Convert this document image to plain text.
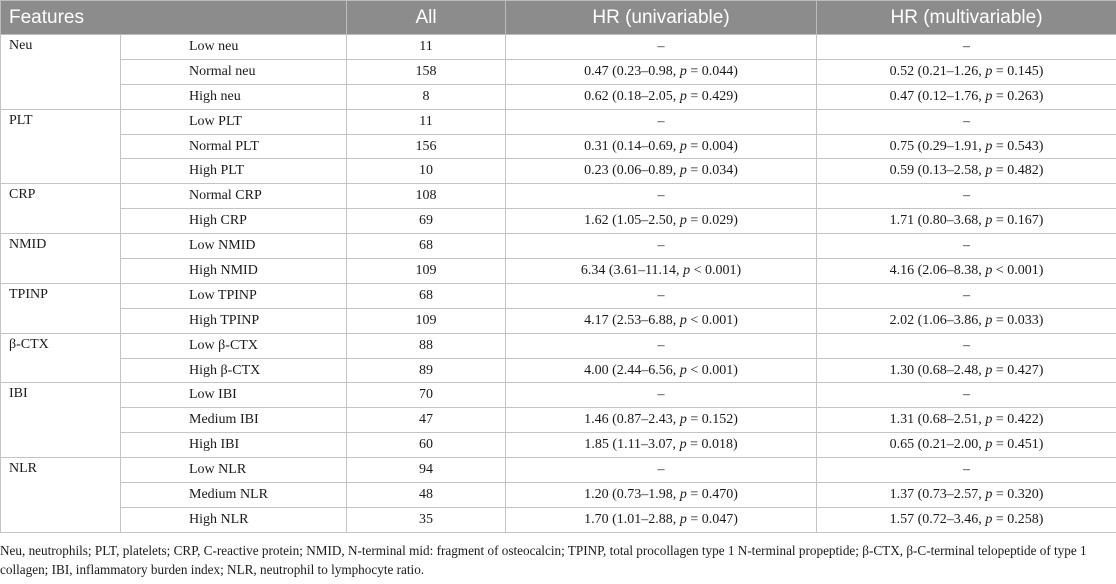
Features		All	HR (univariable)	HR (multivariable)
Neu	Low neu	11	–	–
	Normal neu	158	0.47 (0.23–0.98, p = 0.044)	0.52 (0.21–1.26, p = 0.145)
	High neu	8	0.62 (0.18–2.05, p = 0.429)	0.47 (0.12–1.76, p = 0.263)
PLT	Low PLT	11	–	–
	Normal PLT	156	0.31 (0.14–0.69, p = 0.004)	0.75 (0.29–1.91, p = 0.543)
	High PLT	10	0.23 (0.06–0.89, p = 0.034)	0.59 (0.13–2.58, p = 0.482)
CRP	Normal CRP	108	–	–
	High CRP	69	1.62 (1.05–2.50, p = 0.029)	1.71 (0.80–3.68, p = 0.167)
NMID	Low NMID	68	–	–
	High NMID	109	6.34 (3.61–11.14, p < 0.001)	4.16 (2.06–8.38, p < 0.001)
TPINP	Low TPINP	68	–	–
	High TPINP	109	4.17 (2.53–6.88, p < 0.001)	2.02 (1.06–3.86, p = 0.033)
β-CTX	Low β-CTX	88	–	–
	High β-CTX	89	4.00 (2.44–6.56, p < 0.001)	1.30 (0.68–2.48, p = 0.427)
IBI	Low IBI	70	–	–
	Medium IBI	47	1.46 (0.87–2.43, p = 0.152)	1.31 (0.68–2.51, p = 0.422)
	High IBI	60	1.85 (1.11–3.07, p = 0.018)	0.65 (0.21–2.00, p = 0.451)
NLR	Low NLR	94	–	–
	Medium NLR	48	1.20 (0.73–1.98, p = 0.470)	1.37 (0.73–2.57, p = 0.320)
	High NLR	35	1.70 (1.01–2.88, p = 0.047)	1.57 (0.72–3.46, p = 0.258)
Neu, neutrophils; PLT, platelets; CRP, C-reactive protein; NMID, N-terminal mid: fragment of osteocalcin; TPINP, total procollagen type 1 N-terminal propeptide; β-CTX, β-C-terminal telopeptide of type 1 collagen; IBI, inflammatory burden index; NLR, neutrophil to lymphocyte ratio.
